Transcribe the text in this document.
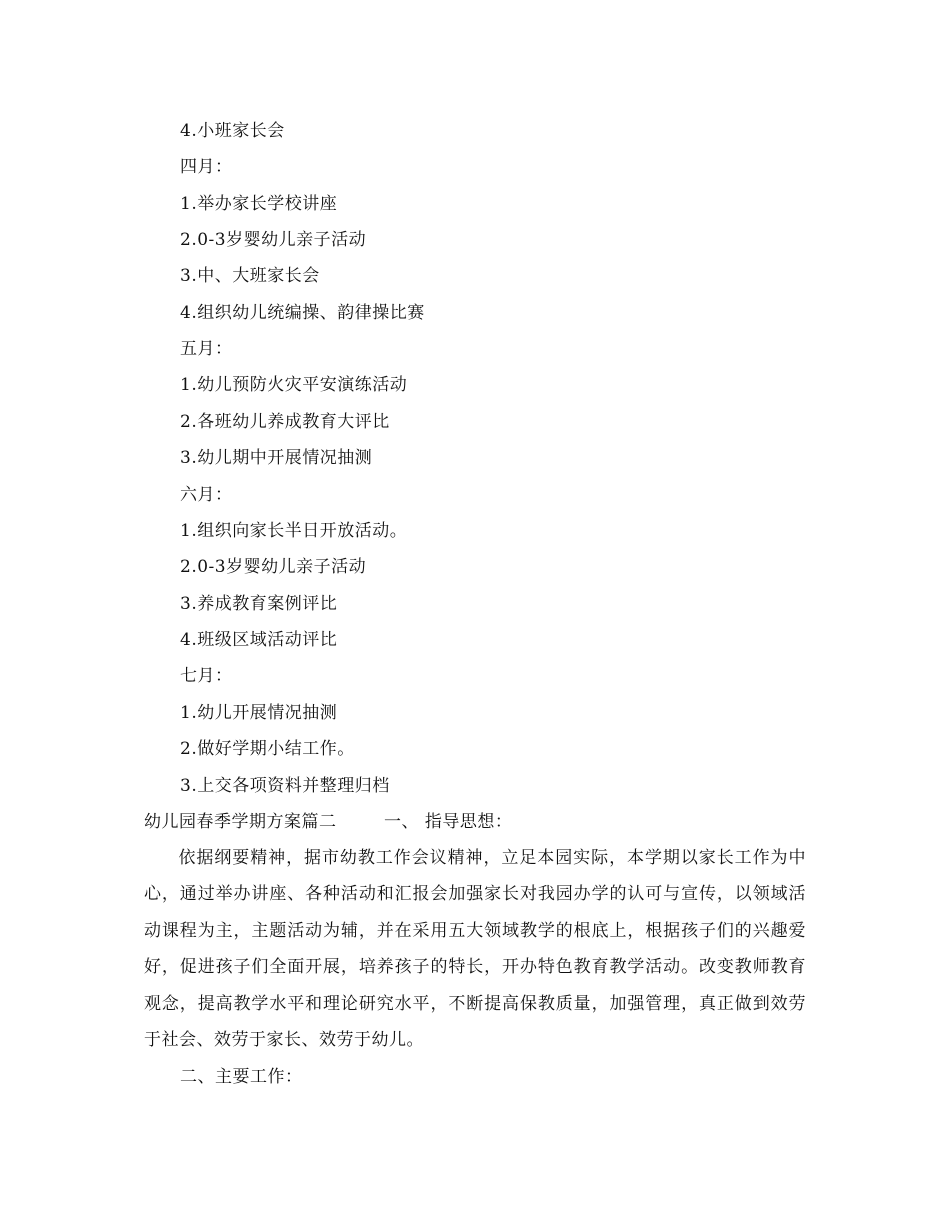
4.小班家长会
四月：
1.举办家长学校讲座
2.0-3岁婴幼儿亲子活动
3.中、大班家长会
4.组织幼儿统编操、韵律操比赛
五月：
1.幼儿预防火灾平安演练活动
2.各班幼儿养成教育大评比
3.幼儿期中开展情况抽测
六月：
1.组织向家长半日开放活动。
2.0-3岁婴幼儿亲子活动
3.养成教育案例评比
4.班级区域活动评比
七月：
1.幼儿开展情况抽测
2.做好学期小结工作。
3.上交各项资料并整理归档
幼儿园春季学期方案篇二	一、 指导思想：
依据纲要精神，据市幼教工作会议精神，立足本园实际，本学期以家长工作为中心，通过举办讲座、各种活动和汇报会加强家长对我园办学的认可与宣传，以领域活动课程为主，主题活动为辅，并在采用五大领域教学的根底上，根据孩子们的兴趣爱好，促进孩子们全面开展，培养孩子的特长，开办特色教育教学活动。改变教师教育观念，提高教学水平和理论研究水平，不断提高保教质量，加强管理，真正做到效劳于社会、效劳于家长、效劳于幼儿。
二、主要工作：
